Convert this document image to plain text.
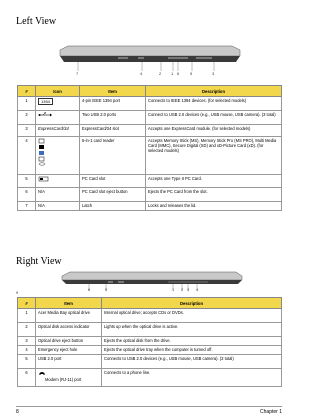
Left View
7	4	2 1 6	5	3
#	Icon	Item	Description
1	1394	4-pin IEEE 1394 port	Connects to IEEE 1394 devices. (for selected models)
2		Two USB 2.0 ports	Connect to USB 2.0 devices (e.g., USB mouse, USB camera). (3 total)
3	ExpressCard/34	ExpressCard/34 slot	Accepts one ExpressCard module. (for selected models)
4		5-in-1 card reader	Accepts Memory Stick (MS), Memory Stick Pro (MS PRO), Multi Media Card (MMC), Secure Digital (SD) and xD-Picture Card (xD). (for selected models)
5		PC Card slot	Accepts one Type II PC Card.
6	N/A	PC Card slot eject button	Ejects the PC Card from the slot.
7	N/A	Latch	Locks and releases the lid.
Right View
9
6	5	1 2 3 4
#	Item	Description
1	Acer Media Bay optical drive	Internal optical drive; accepts CDs or DVDs.
2	Optical disk access indicator	Lights up when the optical drive is active.
3	Optical drive eject button	Ejects the optical disk from the drive.
4	Emergency eject hole	Ejects the optical drive tray when the computer is turned off.
5	USB 2.0 port	Connects to USB 2.0 devices (e.g., USB mouse, USB camera). (3 total)
6	Modem (RJ-11) port	Connects to a phone line.
8	Chapter 1
